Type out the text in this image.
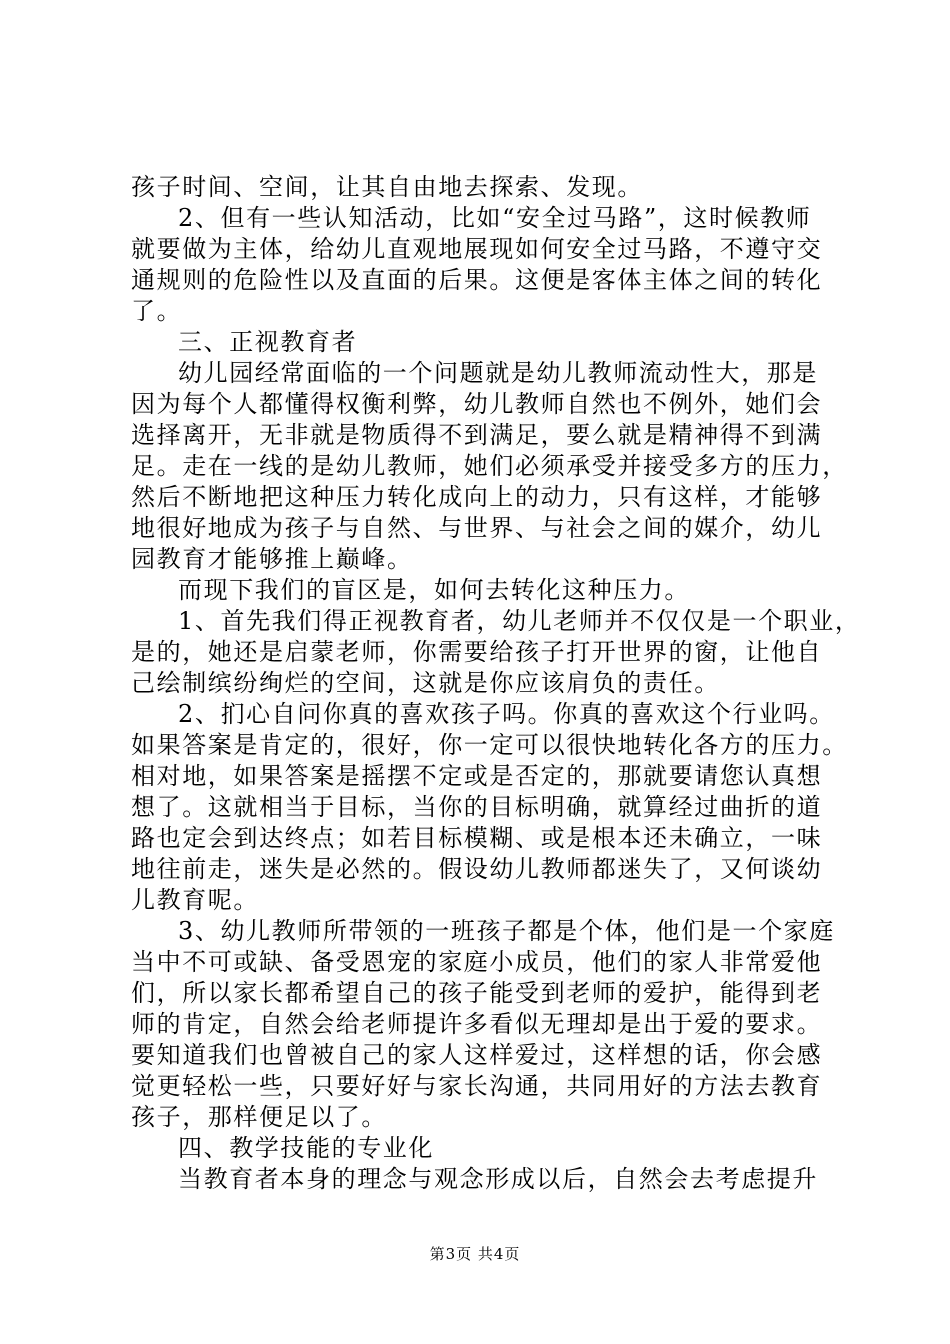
孩子时间、空间，让其自由地去探索、发现。
2、但有一些认知活动，比如“安全过马路”，这时候教师
就要做为主体，给幼儿直观地展现如何安全过马路，不遵守交
通规则的危险性以及直面的后果。这便是客体主体之间的转化
了。
三、正视教育者
幼儿园经常面临的一个问题就是幼儿教师流动性大，那是
因为每个人都懂得权衡利弊，幼儿教师自然也不例外，她们会
选择离开，无非就是物质得不到满足，要么就是精神得不到满
足。走在一线的是幼儿教师，她们必须承受并接受多方的压力，
然后不断地把这种压力转化成向上的动力，只有这样，才能够
地很好地成为孩子与自然、与世界、与社会之间的媒介，幼儿
园教育才能够推上巅峰。
而现下我们的盲区是，如何去转化这种压力。
1、首先我们得正视教育者，幼儿老师并不仅仅是一个职业，
是的，她还是启蒙老师，你需要给孩子打开世界的窗，让他自
己绘制缤纷绚烂的空间，这就是你应该肩负的责任。
2、扪心自问你真的喜欢孩子吗。你真的喜欢这个行业吗。
如果答案是肯定的，很好，你一定可以很快地转化各方的压力。
相对地，如果答案是摇摆不定或是否定的，那就要请您认真想
想了。这就相当于目标，当你的目标明确，就算经过曲折的道
路也定会到达终点；如若目标模糊、或是根本还未确立，一味
地往前走，迷失是必然的。假设幼儿教师都迷失了，又何谈幼
儿教育呢。
3、幼儿教师所带领的一班孩子都是个体，他们是一个家庭
当中不可或缺、备受恩宠的家庭小成员，他们的家人非常爱他
们，所以家长都希望自己的孩子能受到老师的爱护，能得到老
师的肯定，自然会给老师提许多看似无理却是出于爱的要求。
要知道我们也曾被自己的家人这样爱过，这样想的话，你会感
觉更轻松一些，只要好好与家长沟通，共同用好的方法去教育
孩子，那样便足以了。
四、教学技能的专业化
当教育者本身的理念与观念形成以后，自然会去考虑提升
第3页 共4页
